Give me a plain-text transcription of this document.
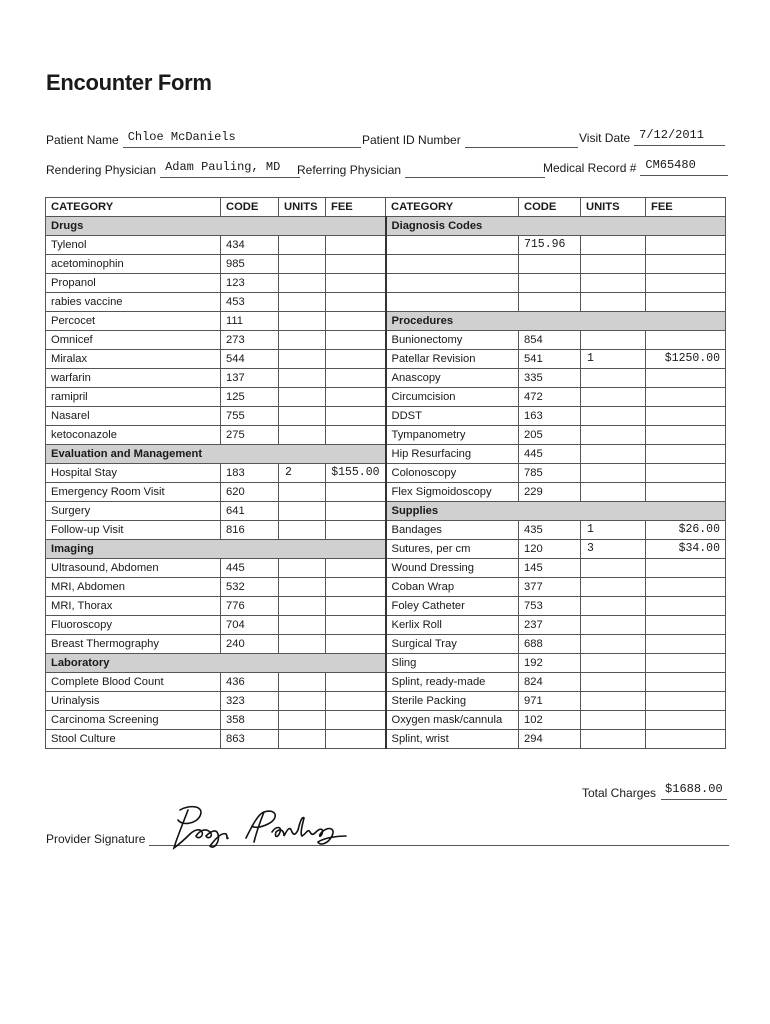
Encounter Form
Patient Name Chloe McDaniels	Patient ID Number	Visit Date 7/12/2011
Rendering Physician Adam Pauling, MD	Referring Physician	Medical Record # CM65480
CATEGORY	CODE	UNITS	FEE	CATEGORY	CODE	UNITS	FEE
Drugs				Diagnosis Codes			
Tylenol	434				715.96		
acetominophin	985						
Propanol	123						
rabies vaccine	453						
Percocet	111			Procedures			
Omnicef	273			Bunionectomy	854		
Miralax	544			Patellar Revision	541	1	$1250.00
warfarin	137			Anascopy	335		
ramipril	125			Circumcision	472		
Nasarel	755			DDST	163		
ketoconazole	275			Tympanometry	205		
Evaluation and Management				Hip Resurfacing	445		
Hospital Stay	183	2	$155.00	Colonoscopy	785		
Emergency Room Visit	620			Flex Sigmoidoscopy	229		
Surgery	641			Supplies			
Follow-up Visit	816			Bandages	435	1	$26.00
Imaging				Sutures, per cm	120	3	$34.00
Ultrasound, Abdomen	445			Wound Dressing	145		
MRI, Abdomen	532			Coban Wrap	377		
MRI, Thorax	776			Foley Catheter	753		
Fluoroscopy	704			Kerlix Roll	237		
Breast Thermography	240			Surgical Tray	688		
Laboratory				Sling	192		
Complete Blood Count	436			Splint, ready-made	824		
Urinalysis	323			Sterile Packing	971		
Carcinoma Screening	358			Oxygen mask/cannula	102		
Stool Culture	863			Splint, wrist	294		
Total Charges $1688.00
Provider Signature
Adam Pauling
